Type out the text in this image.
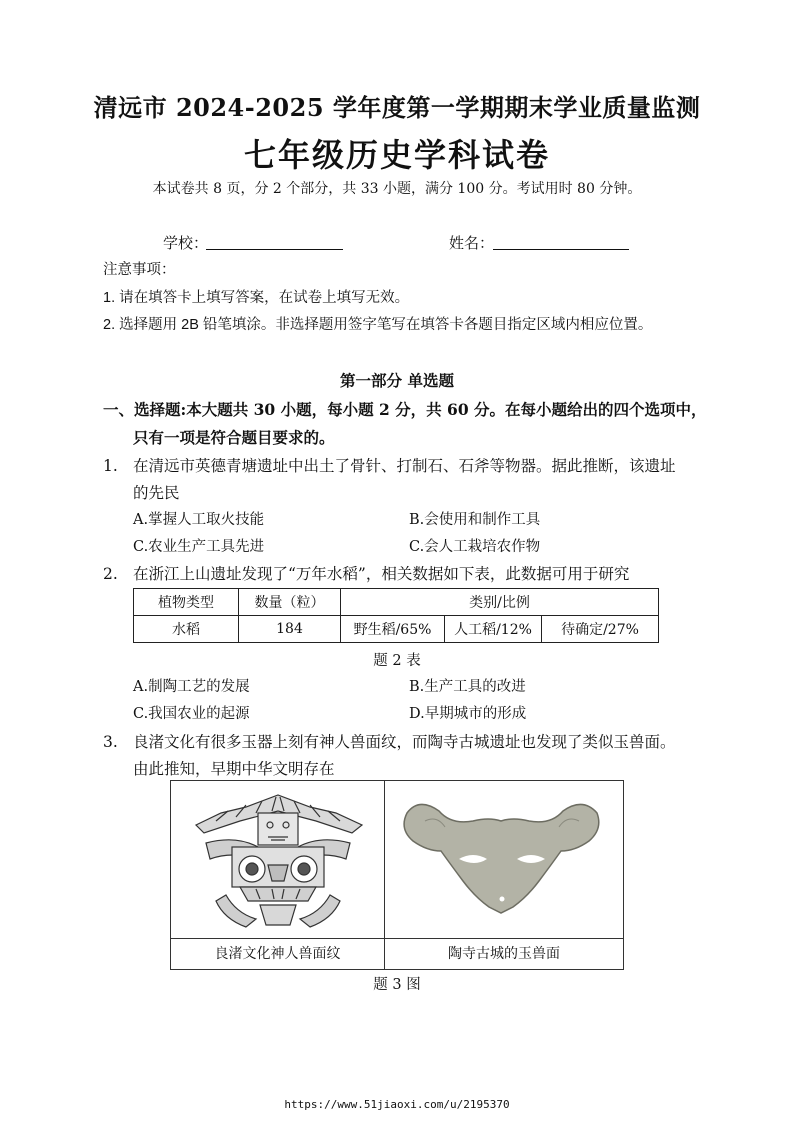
清远市 2024-2025 学年度第一学期期末学业质量监测
七年级历史学科试卷
本试卷共 8 页，分 2 个部分，共 33 小题，满分 100 分。考试用时 80 分钟。
学校：	姓名：
注意事项：
1. 请在填答卡上填写答案，在试卷上填写无效。
2. 选择题用 2B 铅笔填涂。非选择题用签字笔写在填答卡各题目指定区域内相应位置。
第一部分 单选题
一、选择题:本大题共 30 小题，每小题 2 分，共 60 分。在每小题给出的四个选项中，
只有一项是符合题目要求的。
1. 在清远市英德青塘遗址中出土了骨针、打制石、石斧等物器。据此推断，该遗址
的先民
A.掌握人工取火技能	B.会使用和制作工具
C.农业生产工具先进	C.会人工栽培农作物
2. 在浙江上山遗址发现了“万年水稻”，相关数据如下表，此数据可用于研究
植物类型	数量（粒）	类别/比例		
水稻	184	野生稻/65%	人工稻/12%	待确定/27%
题 2 表
A.制陶工艺的发展	B.生产工具的改进
C.我国农业的起源	D.早期城市的形成
3. 良渚文化有很多玉器上刻有神人兽面纹，而陶寺古城遗址也发现了类似玉兽面。
由此推知，早期中华文明存在
良渚文化神人兽面纹	陶寺古城的玉兽面
题 3 图
https://www.51jiaoxi.com/u/2195370
